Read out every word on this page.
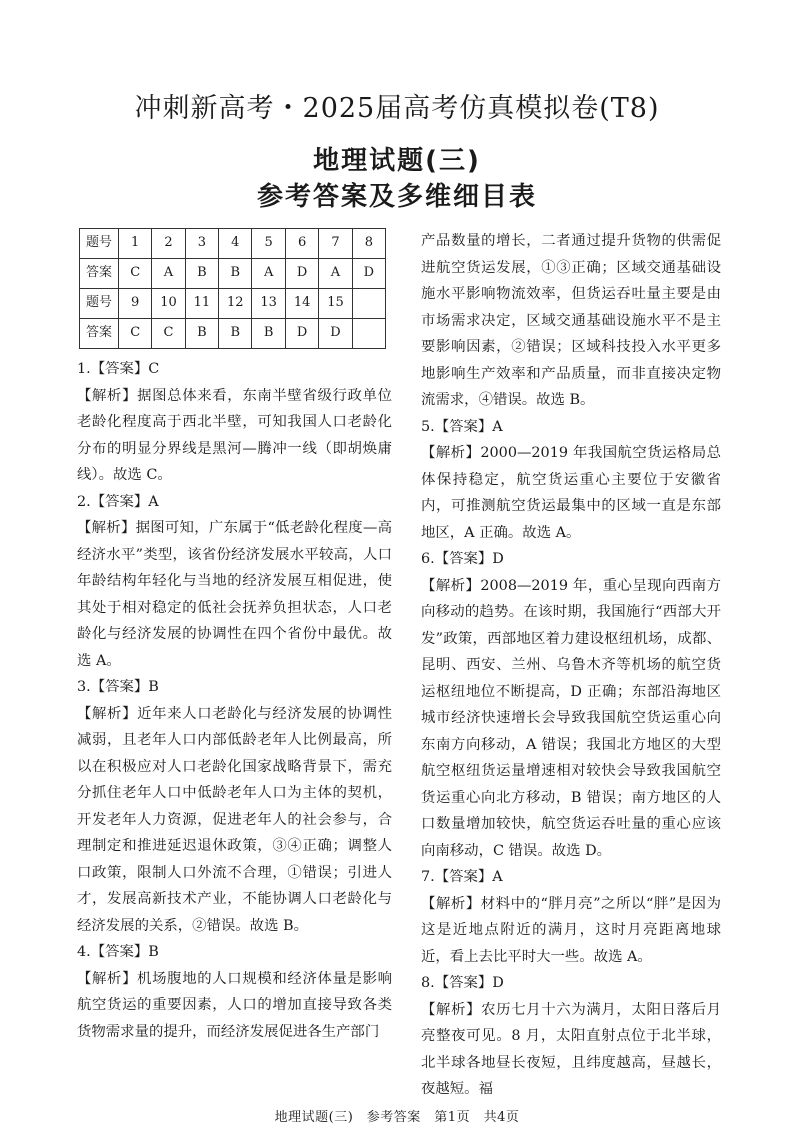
冲刺新高考・2025届高考仿真模拟卷(T8)
地理试题(三)
参考答案及多维细目表
题号	1	2	3	4	5	6	7	8
答案	C	A	B	B	A	D	A	D
题号	9	10	11	12	13	14	15	
答案	C	C	B	B	B	D	D	
1.【答案】C
【解析】据图总体来看，东南半壁省级行政单位老龄化程度高于西北半壁，可知我国人口老龄化分布的明显分界线是黑河—腾冲一线（即胡焕庸线）。故选 C。
2.【答案】A
【解析】据图可知，广东属于“低老龄化程度—高经济水平”类型，该省份经济发展水平较高，人口年龄结构年轻化与当地的经济发展互相促进，使其处于相对稳定的低社会抚养负担状态，人口老龄化与经济发展的协调性在四个省份中最优。故选 A。
3.【答案】B
【解析】近年来人口老龄化与经济发展的协调性减弱，且老年人口内部低龄老年人比例最高，所以在积极应对人口老龄化国家战略背景下，需充分抓住老年人口中低龄老年人口为主体的契机，开发老年人力资源，促进老年人的社会参与，合理制定和推进延迟退休政策，③④正确；调整人口政策，限制人口外流不合理，①错误；引进人才，发展高新技术产业，不能协调人口老龄化与经济发展的关系，②错误。故选 B。
4.【答案】B
【解析】机场腹地的人口规模和经济体量是影响航空货运的重要因素，人口的增加直接导致各类货物需求量的提升，而经济发展促进各生产部门
产品数量的增长，二者通过提升货物的供需促进航空货运发展，①③正确；区域交通基础设施水平影响物流效率，但货运吞吐量主要是由市场需求决定，区域交通基础设施水平不是主要影响因素，②错误；区域科技投入水平更多地影响生产效率和产品质量，而非直接决定物流需求，④错误。故选 B。
5.【答案】A
【解析】2000—2019 年我国航空货运格局总体保持稳定，航空货运重心主要位于安徽省内，可推测航空货运最集中的区域一直是东部地区，A 正确。故选 A。
6.【答案】D
【解析】2008—2019 年，重心呈现向西南方向移动的趋势。在该时期，我国施行“西部大开发”政策，西部地区着力建设枢纽机场，成都、昆明、西安、兰州、乌鲁木齐等机场的航空货运枢纽地位不断提高，D 正确；东部沿海地区城市经济快速增长会导致我国航空货运重心向东南方向移动，A 错误；我国北方地区的大型航空枢纽货运量增速相对较快会导致我国航空货运重心向北方移动，B 错误；南方地区的人口数量增加较快，航空货运吞吐量的重心应该向南移动，C 错误。故选 D。
7.【答案】A
【解析】材料中的“胖月亮”之所以“胖”是因为这是近地点附近的满月，这时月亮距离地球近，看上去比平时大一些。故选 A。
8.【答案】D
【解析】农历七月十六为满月，太阳日落后月亮整夜可见。8 月，太阳直射点位于北半球，北半球各地昼长夜短，且纬度越高，昼越长，夜越短。福
地理试题(三)　参考答案　第1页　共4页
